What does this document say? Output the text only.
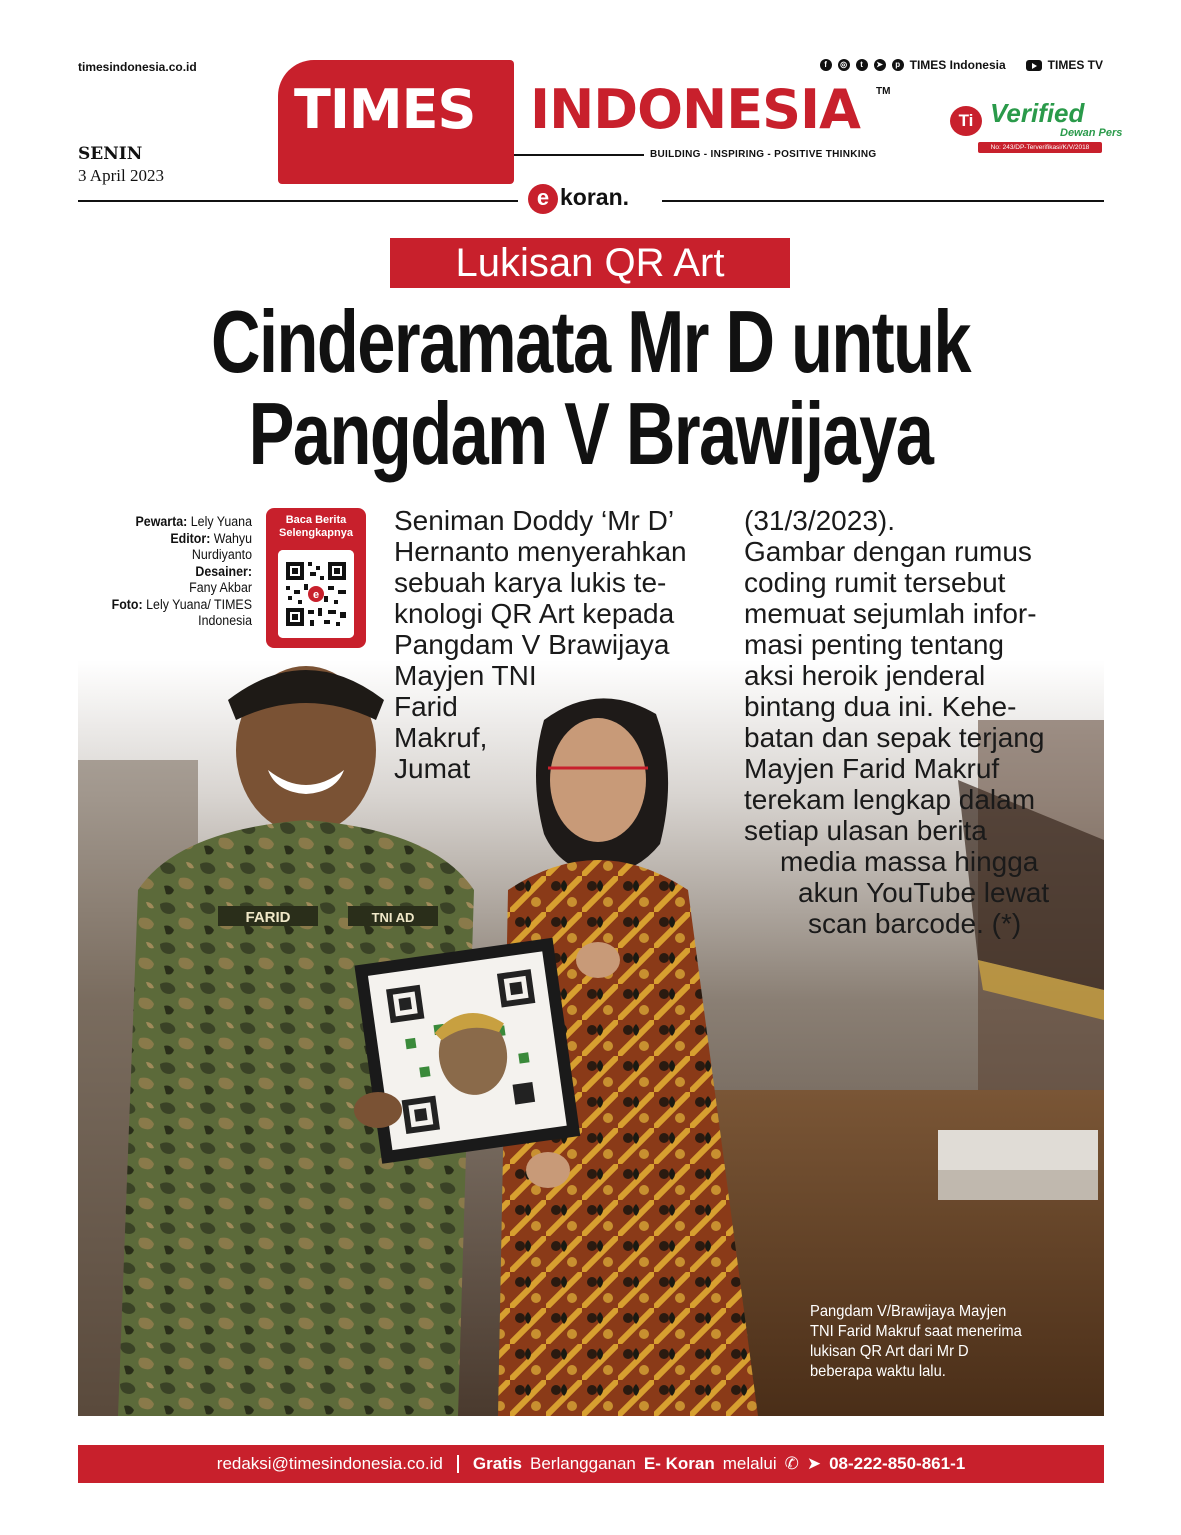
timesindonesia.co.id	f	◎	t	➤	p TIMES Indonesia	TIMES TV
SENIN
3 April 2023
TIMES INDONESIA TM
BUILDING - INSPIRING - POSITIVE THINKING
Ti Verified
Dewan Pers
No: 243/DP-Terverifikasi/K/V/2018
e koran.
Lukisan QR Art
Cinderamata Mr D untuk
Pangdam V Brawijaya
Pewarta: Lely Yuana
Editor: Wahyu Nurdiyanto
Desainer:
Fany Akbar
Foto: Lely Yuana/ TIMES Indonesia
Baca Berita Selengkapnya
e
FARID	TNI AD

Seniman Doddy ‘Mr D’

Hernanto menyerahkan

sebuah karya lukis te-

knologi QR Art kepada

Pangdam V Brawijaya

Mayjen TNI

Farid

Makruf,

Jumat

(31/3/2023).

Gambar dengan rumus

coding rumit tersebut

memuat sejumlah infor-

masi penting tentang

aksi heroik jenderal

bintang dua ini. Kehe-

batan dan sepak terjang

Mayjen Farid Makruf

terekam lengkap dalam

setiap ulasan berita

media massa hingga

akun YouTube lewat

scan barcode. (*)

Pangdam V/Brawijaya Mayjen TNI Farid Makruf saat menerima lukisan QR Art dari Mr D beberapa waktu lalu.
redaksi@timesindonesia.co.id Gratis Berlangganan E- Koran melalui ✆ ➤ 08-222-850-861-1
